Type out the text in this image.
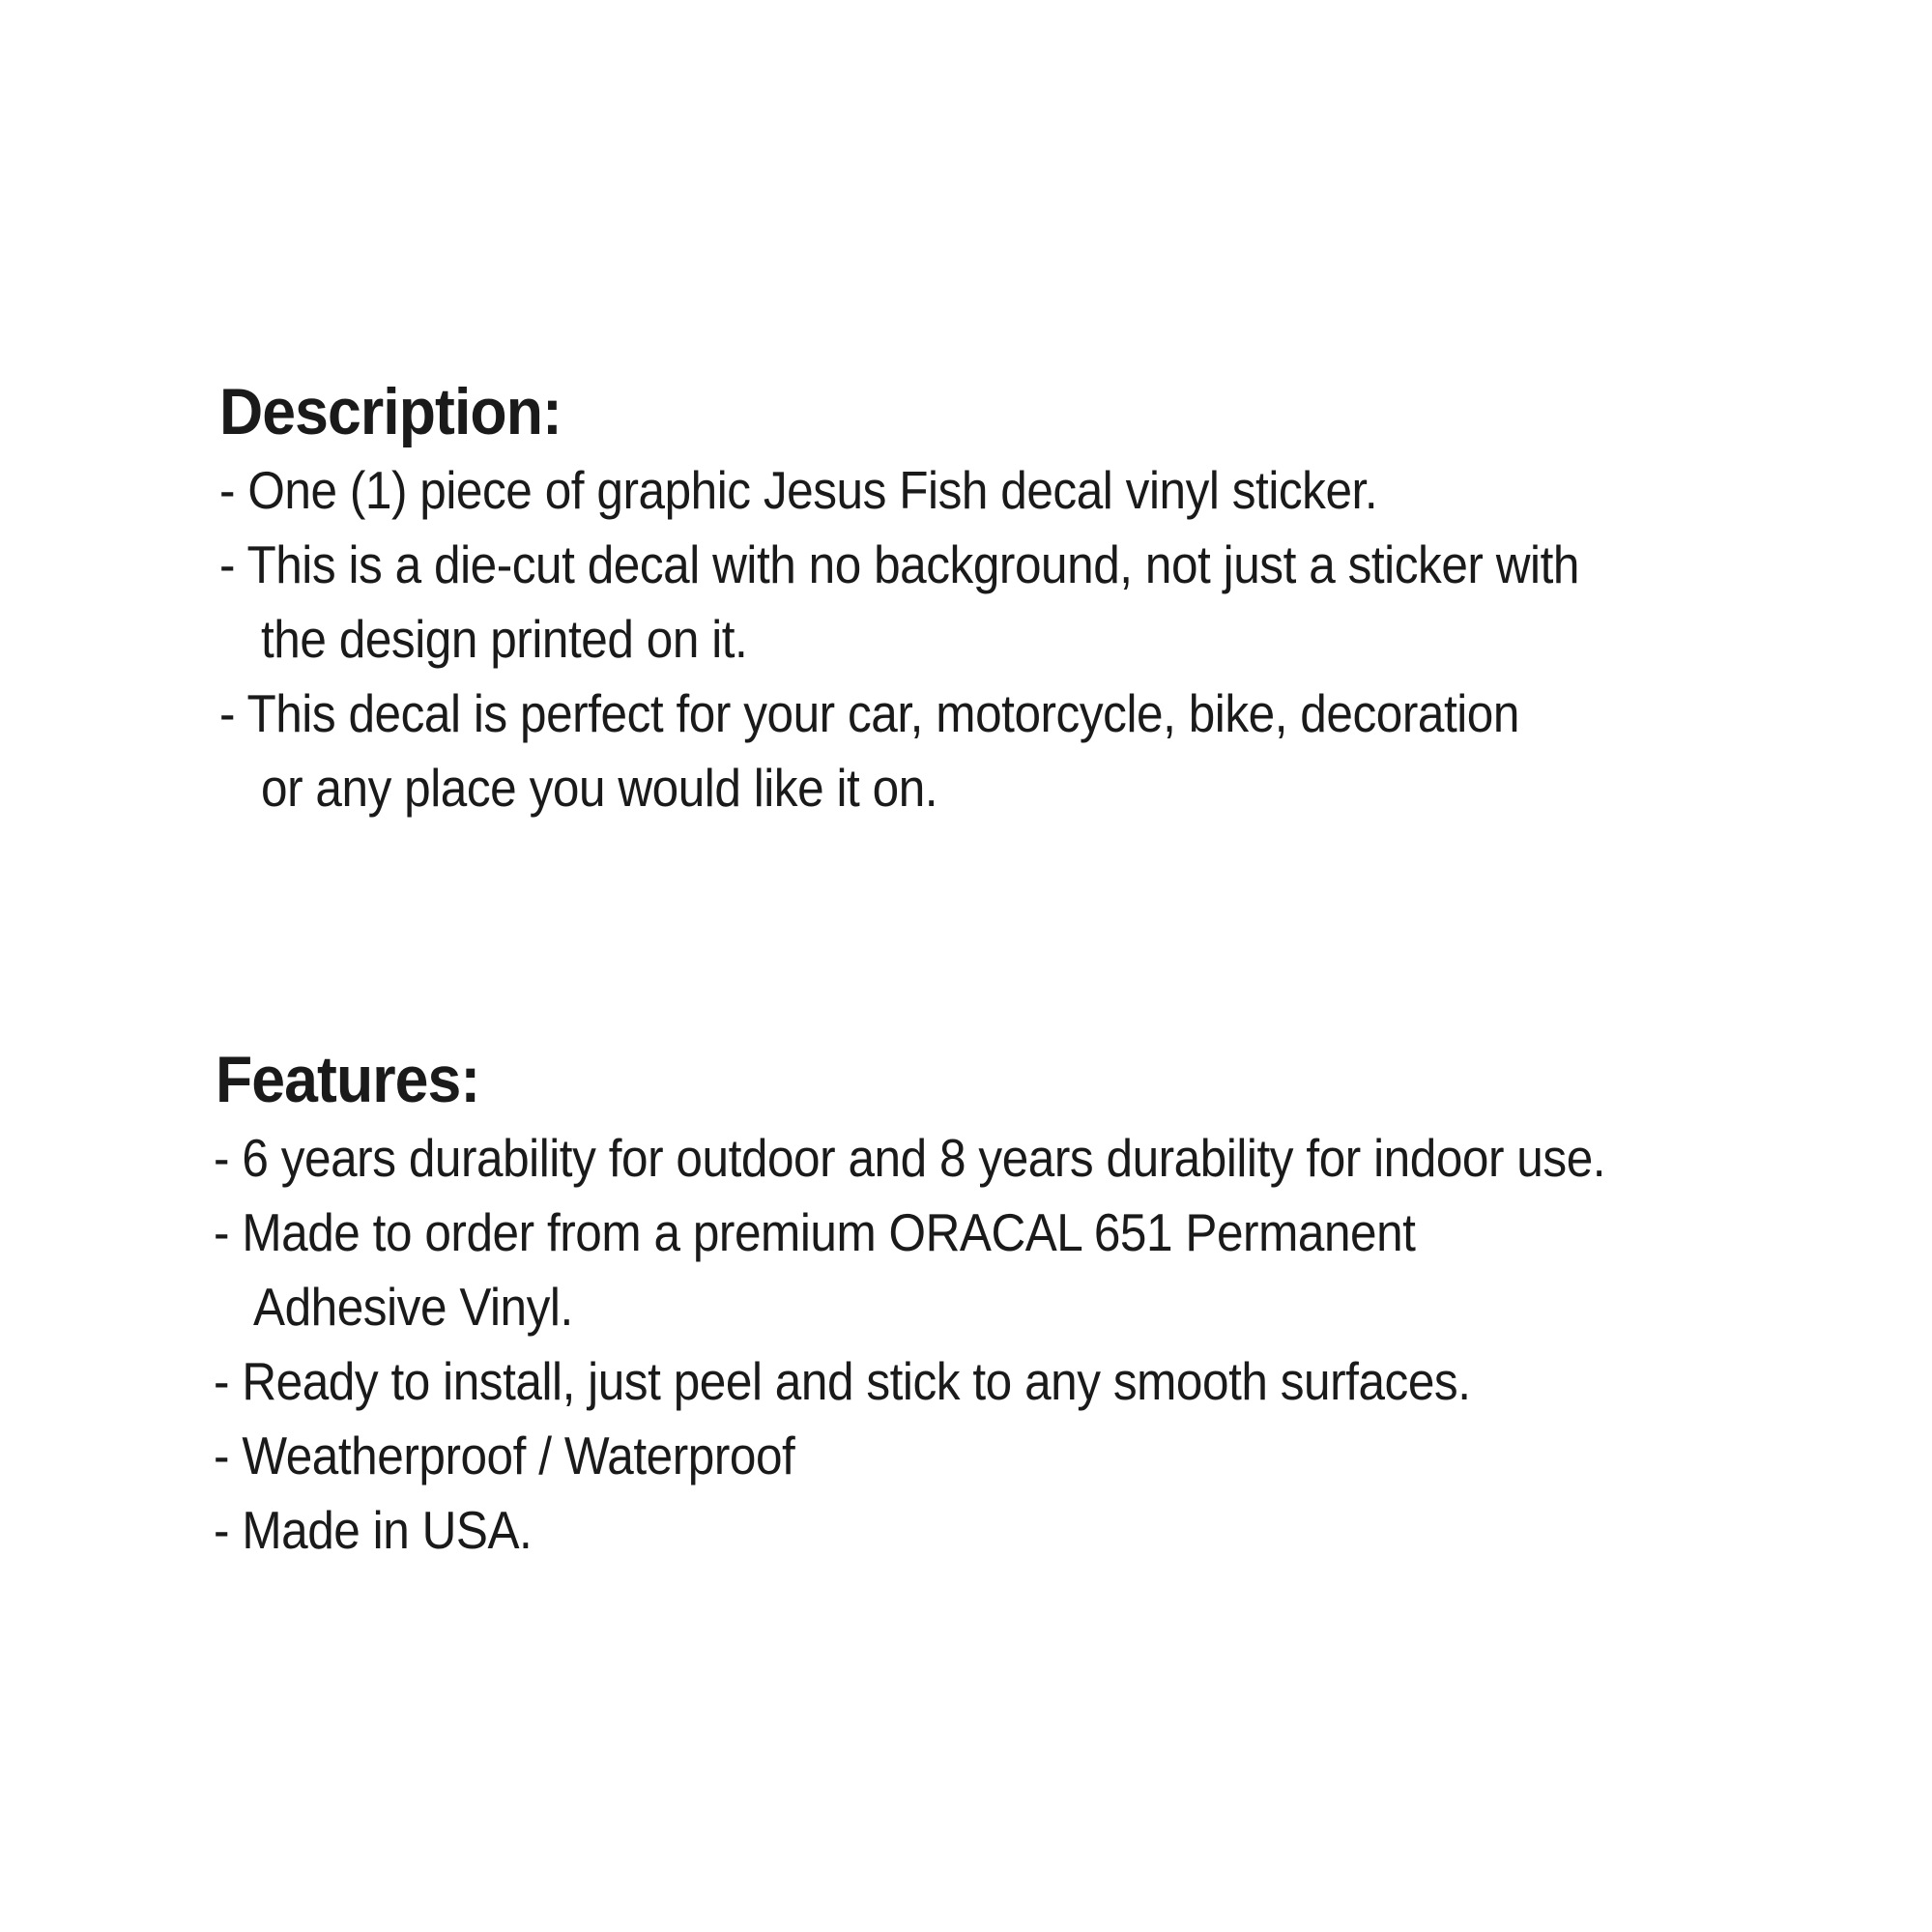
Description:
- One (1) piece of graphic Jesus Fish decal vinyl sticker.
- This is a die-cut decal with no background, not just a sticker with
the design printed on it.
- This decal is perfect for your car, motorcycle, bike, decoration
or any place you would like it on.
Features:
- 6 years durability for outdoor and 8 years durability for indoor use.
- Made to order from a premium ORACAL 651 Permanent
Adhesive Vinyl.
- Ready to install, just peel and stick to any smooth surfaces.
- Weatherproof / Waterproof
- Made in USA.
